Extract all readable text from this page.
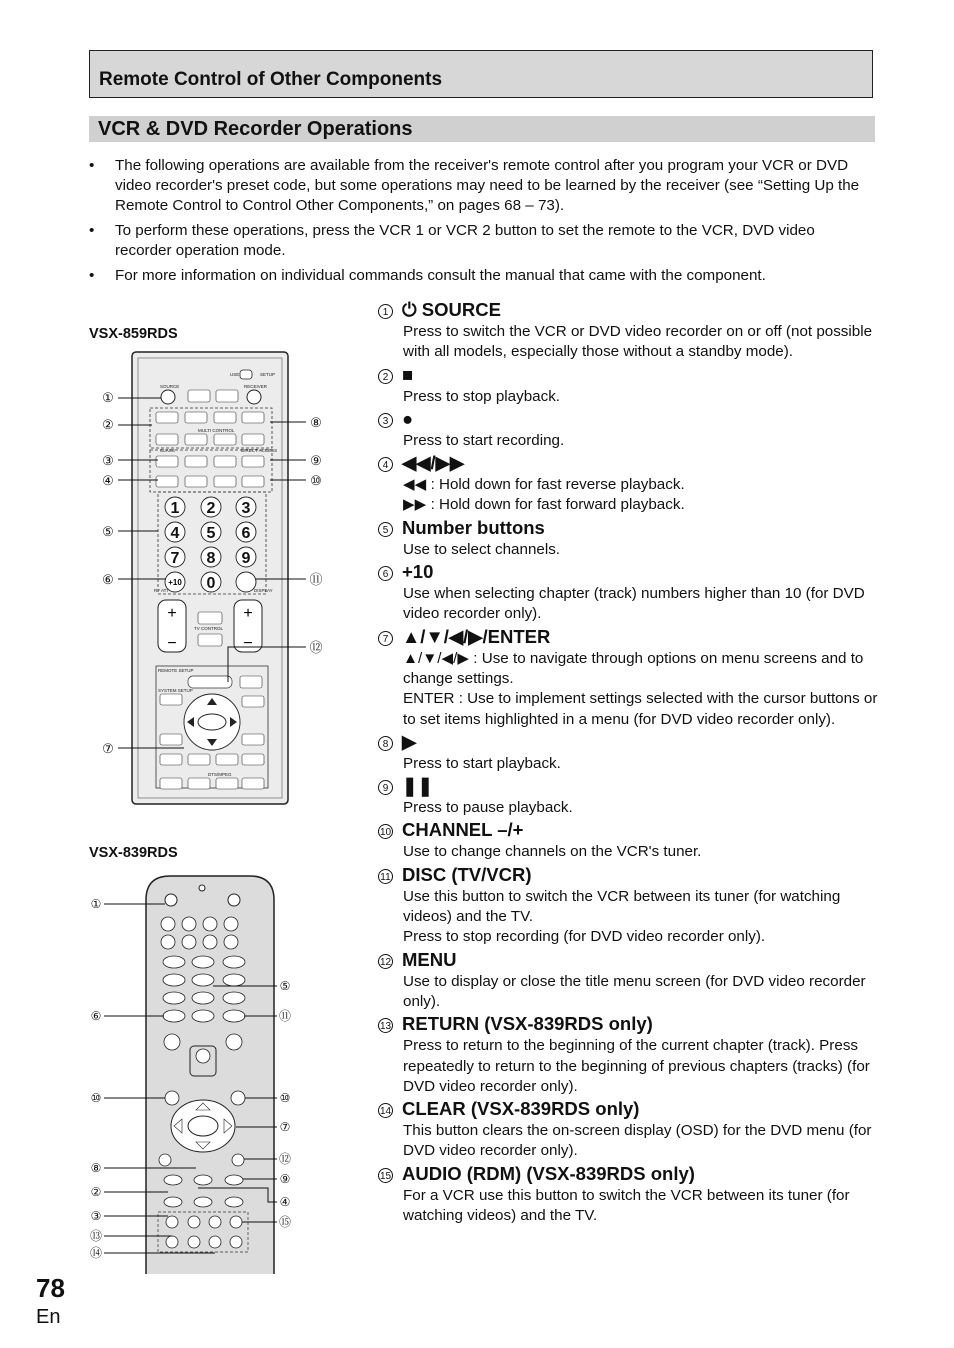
Remote Control of Other Components
VCR & DVD Recorder Operations
• The following operations are available from the receiver's remote control after you program your VCR or DVD video recorder's preset code, but some operations may need to be learned by the receiver (see “Setting Up the Remote Control to Control Other Components,” on pages 68 – 73).
• To perform these operations, press the VCR 1 or VCR 2 button to set the remote to the VCR, DVD video recorder operation mode.
• For more information on individual commands consult the manual that came with the component.
VSX-859RDS
VSX-839RDS
SOURCE	RECEIVER
USE	SETUP
MULTI CONTROL
CLASS	DIRECT ACCESS
RF ATT	DISPLAY
TV CONTROL
REMOTE SETUP
SYSTEM SETUP
DTS/MPEG
1 2 3
4 5 6
7 8 9
0
+10
+
−
+
−
①
②
③
④
⑤
⑥
⑦
⑧
⑨
⑩
⑪
⑫
①
⑥
⑩
⑧
②
③
⑬
⑭
⑤
⑪
⑩
⑦
⑫
⑨
④
⑮
1 ⏻ SOURCE

Press to switch the VCR or DVD video recorder on or off (not possible with all models, especially those without a standby mode).

2 ■

Press to stop playback.

3 ●

Press to start recording.

4 ◀◀/▶▶

◀◀ : Hold down for fast reverse playback.

▶▶ : Hold down for fast forward playback.

5 Number buttons

Use to select channels.

6 +10

Use when selecting chapter (track) numbers higher than 10 (for DVD video recorder only).

7 ▲/▼/◀/▶/ENTER

▲/▼/◀/▶ : Use to navigate through options on menu screens and to change settings.

ENTER : Use to implement settings selected with the cursor buttons or to set items highlighted in a menu (for DVD video recorder only).

8 ▶

Press to start playback.

9 ❚❚

Press to pause playback.

10 CHANNEL –/+

Use to change channels on the VCR's tuner.

11 DISC (TV/VCR)

Use this button to switch the VCR between its tuner (for watching videos) and the TV.

Press to stop recording (for DVD video recorder only).

12 MENU

Use to display or close the title menu screen (for DVD video recorder only).

13 RETURN (VSX-839RDS only)

Press to return to the beginning of the current chapter (track). Press repeatedly to return to the beginning of previous chapters (tracks) (for DVD video recorder only).

14 CLEAR (VSX-839RDS only)

This button clears the on-screen display (OSD) for the DVD menu (for DVD video recorder only).

15 AUDIO (RDM) (VSX-839RDS only)

For a VCR use this button to switch the VCR between its tuner (for watching videos) and the TV.

78
En
